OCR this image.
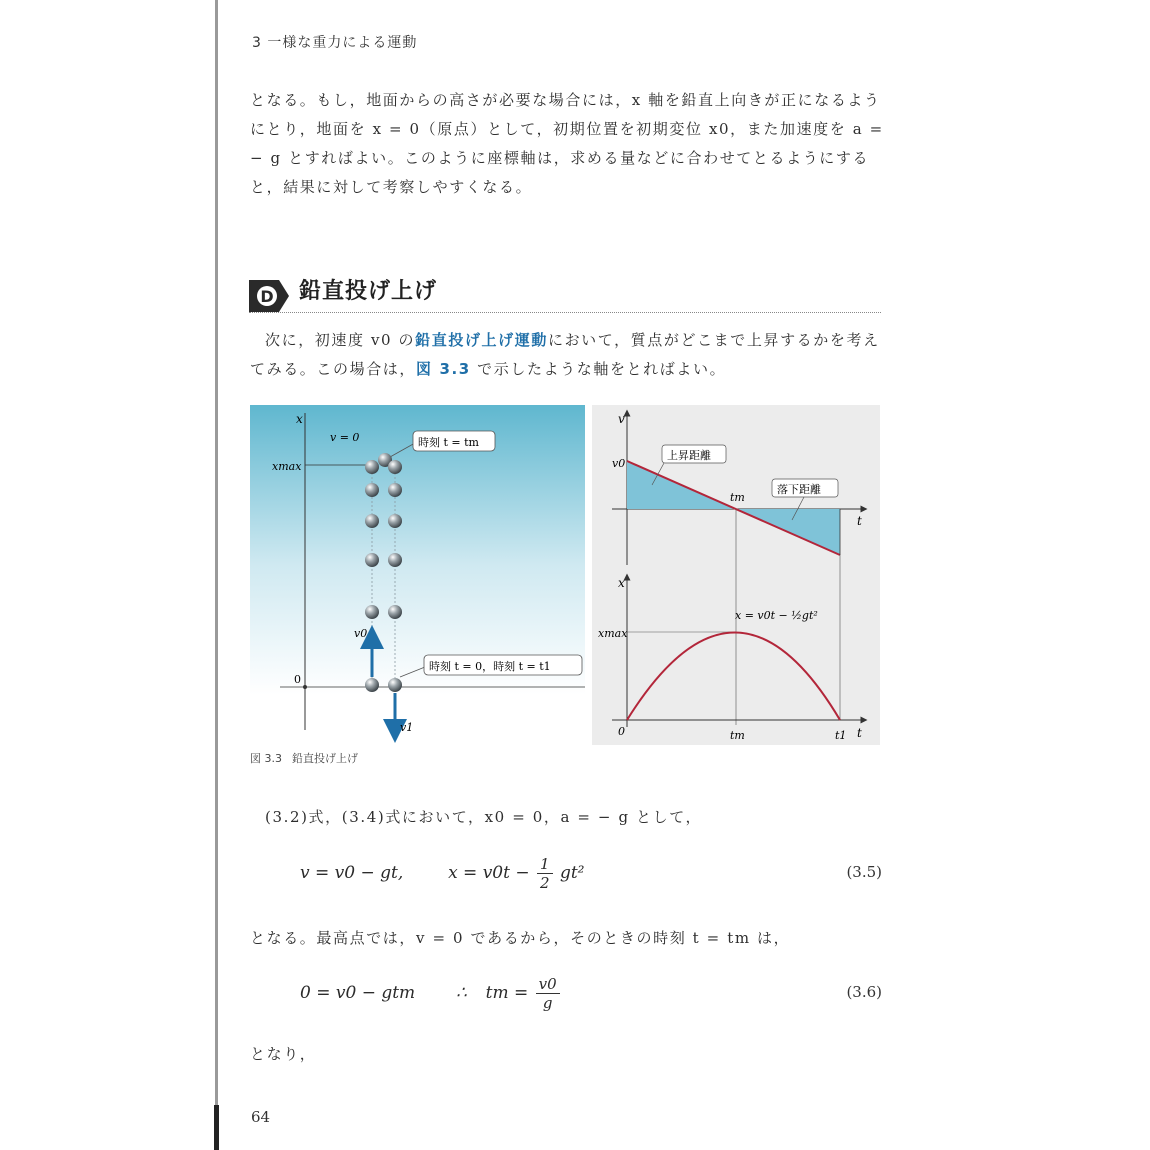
3 一様な重力による運動

となる。もし，地面からの高さが必要な場合には，x 軸を鉛直上向きが正になるようにとり，地面を x = 0（原点）として，初期位置を初期変位 x0，また加速度を a = − g とすればよい。このように座標軸は，求める量などに合わせてとるようにすると，結果に対して考察しやすくなる。

D 鉛直投げ上げ

次に，初速度 v0 の鉛直投げ上げ運動において，質点がどこまで上昇するかを考えてみる。この場合は，図 3.3 で示したような軸をとればよい。

x
0
xmax
v = 0	時刻 t = tm
v0
v1
時刻 t = 0，時刻 t = t1
v
t
v0
tm
上昇距離
落下距離
x
t
xmax
x = v0t − ½gt²
0	tm	t1
図 3.3 鉛直投げ上げ

(3.2)式，(3.4)式において，x0 = 0，a = − g として，

v = v0 − gt,	$x = v0t - \frac{1}{2} gt^2$	(3.5)

となる。最高点では，v = 0 であるから，そのときの時刻 t = tm は，

0 = v0 − gtm ∴ tm = $\frac{v0}{g}$	(3.6)

となり，

64
